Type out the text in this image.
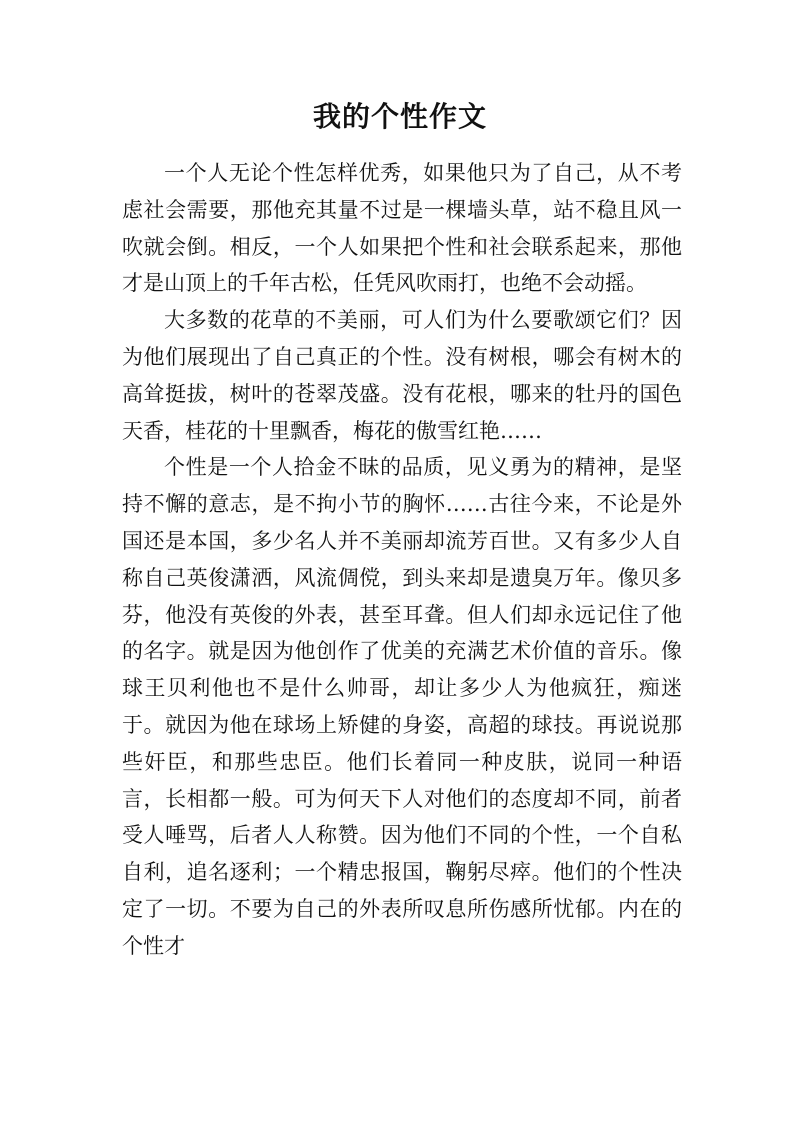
我的个性作文

一个人无论个性怎样优秀，如果他只为了自己，从不考虑社会需要，那他充其量不过是一棵墙头草，站不稳且风一吹就会倒。相反，一个人如果把个性和社会联系起来，那他才是山顶上的千年古松，任凭风吹雨打，也绝不会动摇。

大多数的花草的不美丽，可人们为什么要歌颂它们？因为他们展现出了自己真正的个性。没有树根，哪会有树木的高耸挺拔，树叶的苍翠茂盛。没有花根，哪来的牡丹的国色天香，桂花的十里飘香，梅花的傲雪红艳……

个性是一个人拾金不昧的品质，见义勇为的精神，是坚持不懈的意志，是不拘小节的胸怀……古往今来，不论是外国还是本国，多少名人并不美丽却流芳百世。又有多少人自称自己英俊潇洒，风流倜傥，到头来却是遗臭万年。像贝多芬，他没有英俊的外表，甚至耳聋。但人们却永远记住了他的名字。就是因为他创作了优美的充满艺术价值的音乐。像球王贝利他也不是什么帅哥，却让多少人为他疯狂，痴迷于。就因为他在球场上矫健的身姿，高超的球技。再说说那些奸臣，和那些忠臣。他们长着同一种皮肤，说同一种语言，长相都一般。可为何天下人对他们的态度却不同，前者受人唾骂，后者人人称赞。因为他们不同的个性，一个自私自利，追名逐利；一个精忠报国，鞠躬尽瘁。他们的个性决定了一切。不要为自己的外表所叹息所伤感所忧郁。内在的个性才
